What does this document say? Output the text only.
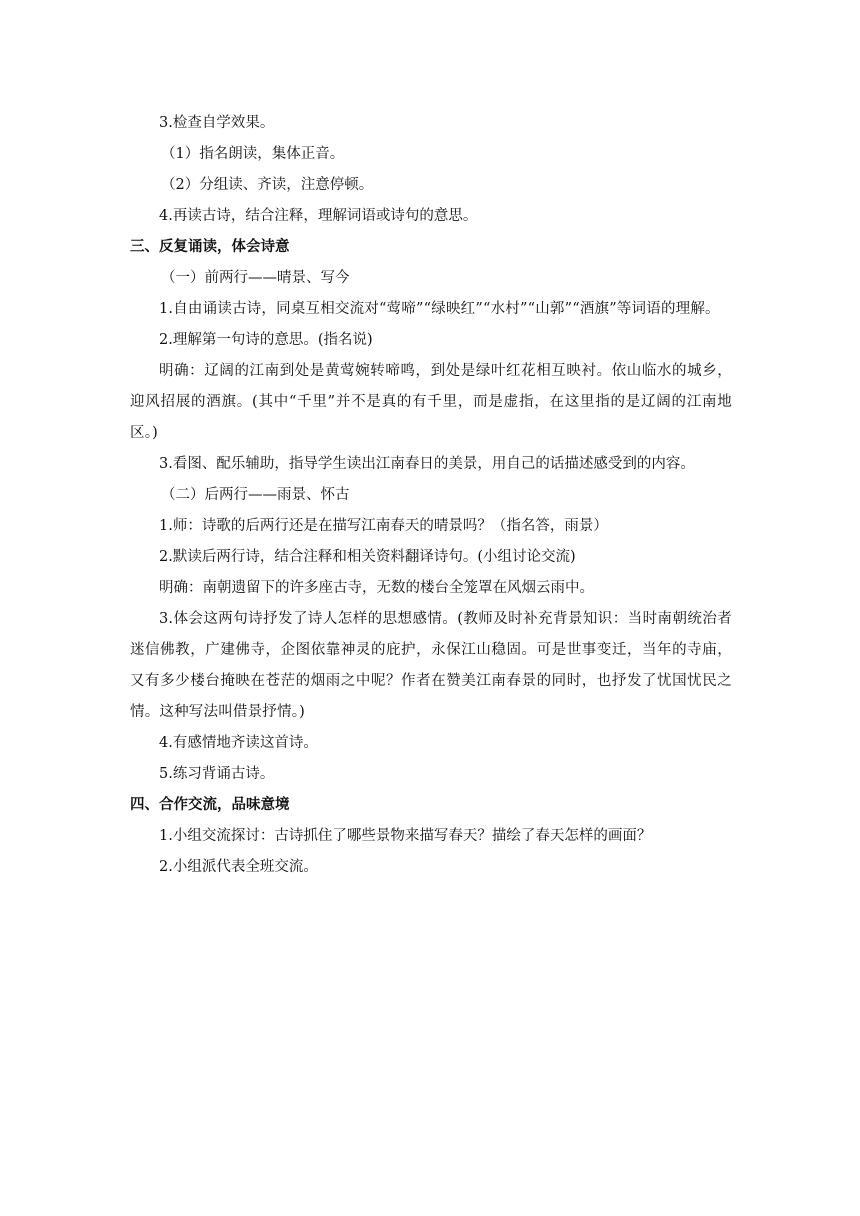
3.检查自学效果。
（1）指名朗读，集体正音。
（2）分组读、齐读，注意停顿。
4.再读古诗，结合注释，理解词语或诗句的意思。
三、反复诵读，体会诗意
（一）前两行——晴景、写今
1.自由诵读古诗，同桌互相交流对“莺啼”“绿映红”“水村”“山郭”“酒旗”等词语的理解。
2.理解第一句诗的意思。(指名说)
明确：辽阔的江南到处是黄莺婉转啼鸣，到处是绿叶红花相互映衬。依山临水的城乡，迎风招展的酒旗。(其中“千里”并不是真的有千里，而是虚指，在这里指的是辽阔的江南地区。)
3.看图、配乐辅助，指导学生读出江南春日的美景，用自己的话描述感受到的内容。
（二）后两行——雨景、怀古
1.师：诗歌的后两行还是在描写江南春天的晴景吗？（指名答，雨景）
2.默读后两行诗，结合注释和相关资料翻译诗句。(小组讨论交流)
明确：南朝遗留下的许多座古寺，无数的楼台全笼罩在风烟云雨中。
3.体会这两句诗抒发了诗人怎样的思想感情。(教师及时补充背景知识：当时南朝统治者迷信佛教，广建佛寺，企图依靠神灵的庇护，永保江山稳固。可是世事变迁，当年的寺庙，又有多少楼台掩映在苍茫的烟雨之中呢？作者在赞美江南春景的同时，也抒发了忧国忧民之情。这种写法叫借景抒情。)
4.有感情地齐读这首诗。
5.练习背诵古诗。
四、合作交流，品味意境
1.小组交流探讨：古诗抓住了哪些景物来描写春天？描绘了春天怎样的画面？
2.小组派代表全班交流。
